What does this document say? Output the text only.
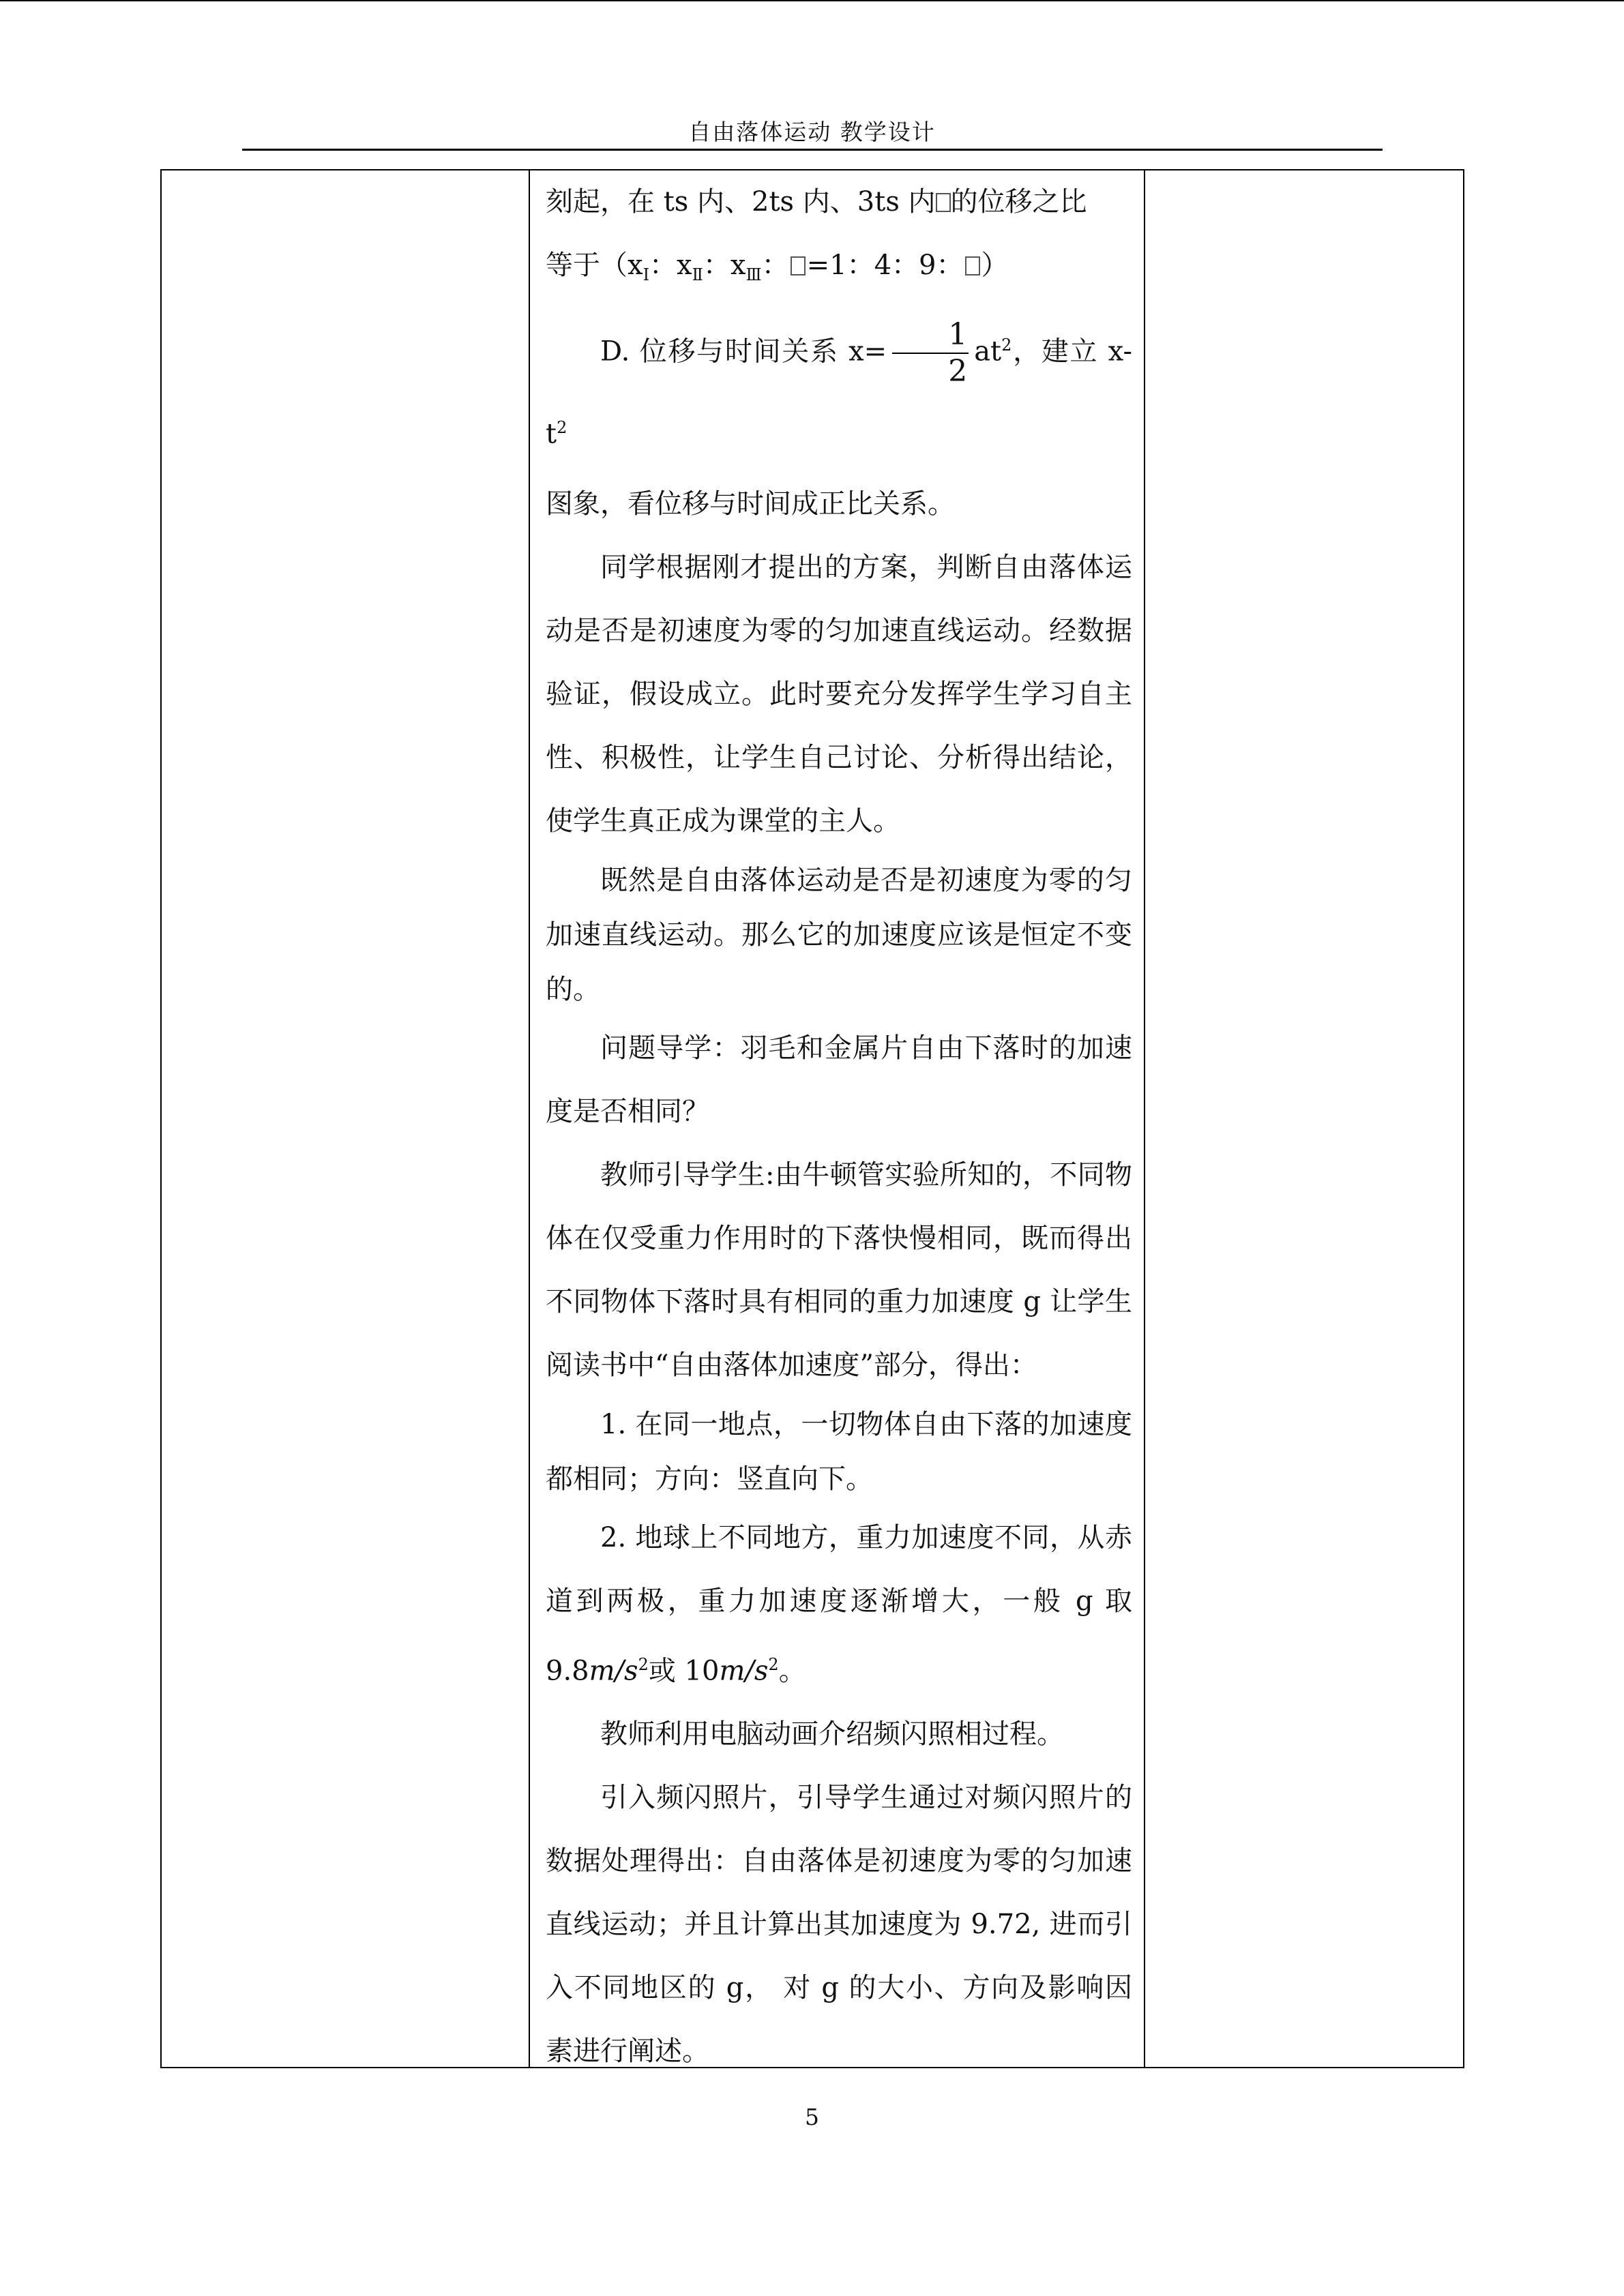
自由落体运动 教学设计

刻起，在 ts 内、2ts 内、3ts 内 的位移之比

等于（$x_Ⅰ$：$x_Ⅱ$：$x_Ⅲ$： =1：4：9： ）

D. 位移与时间关系 $x= \frac{1}{2} at^2$，建立 x- $t^2$

图象，看位移与时间成正比关系。

同学根据刚才提出的方案，判断自由落体运动是否是初速度为零的匀加速直线运动。经数据验证，假设成立。此时要充分发挥学生学习自主性、积极性，让学生自己讨论、分析得出结论，使学生真正成为课堂的主人。

既然是自由落体运动是否是初速度为零的匀加速直线运动。那么它的加速度应该是恒定不变的。

问题导学：羽毛和金属片自由下落时的加速度是否相同？

教师引导学生:由牛顿管实验所知的，不同物体在仅受重力作用时的下落快慢相同，既而得出不同物体下落时具有相同的重力加速度 g 让学生阅读书中“自由落体加速度”部分，得出：

1. 在同一地点，一切物体自由下落的加速度都相同；方向：竖直向下。

2. 地球上不同地方，重力加速度不同，从赤道到两极，重力加速度逐渐增大，一般 g 取 $9.8m/s^2$或 $10m/s^2$。

教师利用电脑动画介绍频闪照相过程。

引入频闪照片，引导学生通过对频闪照片的数据处理得出：自由落体是初速度为零的匀加速直线运动；并且计算出其加速度为 9.72, 进而引入不同地区的 g， 对 g 的大小、方向及影响因素进行阐述。

5
